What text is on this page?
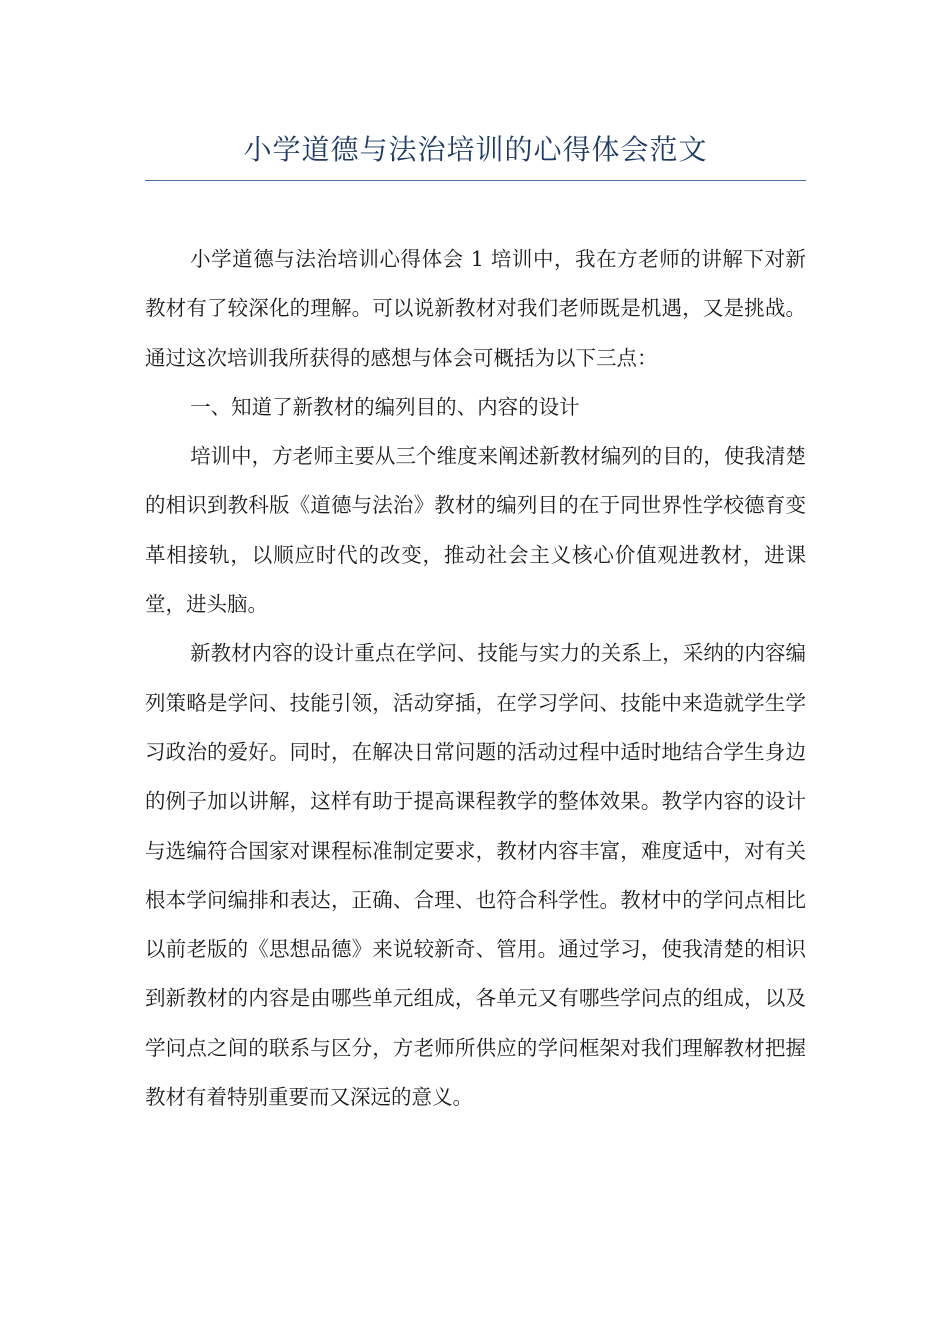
小学道德与法治培训的心得体会范文

小学道德与法治培训心得体会 1 培训中，我在方老师的讲解下对新教材有了较深化的理解。可以说新教材对我们老师既是机遇，又是挑战。通过这次培训我所获得的感想与体会可概括为以下三点：

一、知道了新教材的编列目的、内容的设计

培训中，方老师主要从三个维度来阐述新教材编列的目的，使我清楚的相识到教科版《道德与法治》教材的编列目的在于同世界性学校德育变革相接轨，以顺应时代的改变，推动社会主义核心价值观进教材，进课堂，进头脑。

新教材内容的设计重点在学问、技能与实力的关系上，采纳的内容编列策略是学问、技能引领，活动穿插，在学习学问、技能中来造就学生学习政治的爱好。同时，在解决日常问题的活动过程中适时地结合学生身边的例子加以讲解，这样有助于提高课程教学的整体效果。教学内容的设计与选编符合国家对课程标准制定要求，教材内容丰富，难度适中，对有关根本学问编排和表达，正确、合理、也符合科学性。教材中的学问点相比以前老版的《思想品德》来说较新奇、管用。通过学习，使我清楚的相识到新教材的内容是由哪些单元组成，各单元又有哪些学问点的组成，以及学问点之间的联系与区分，方老师所供应的学问框架对我们理解教材把握教材有着特别重要而又深远的意义。
